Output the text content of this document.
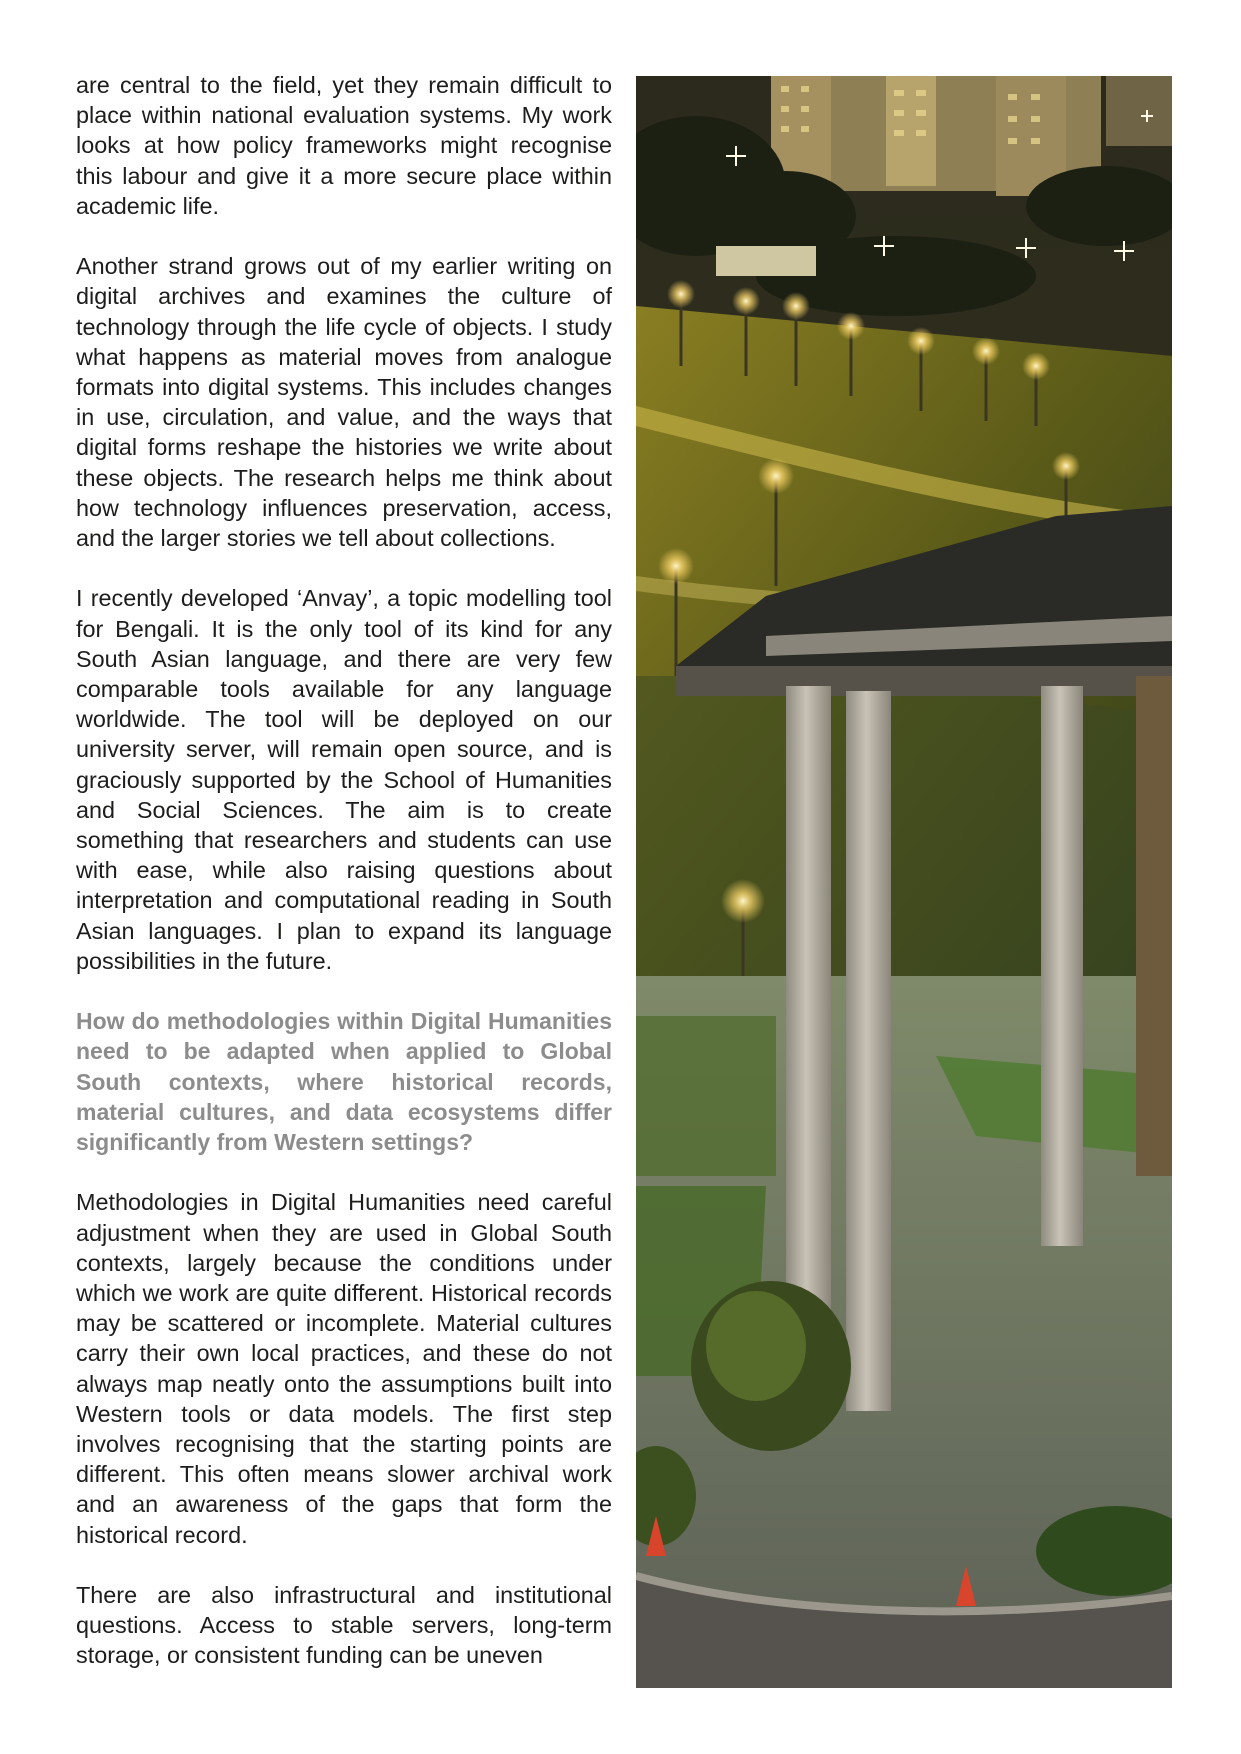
are central to the field, yet they remain difficult to place within national evaluation systems. My work looks at how policy frameworks might recognise this labour and give it a more secure place within academic life.

Another strand grows out of my earlier writing on digital archives and examines the culture of technology through the life cycle of objects. I study what happens as material moves from analogue formats into digital systems. This includes changes in use, circulation, and value, and the ways that digital forms reshape the histories we write about these objects. The research helps me think about how technology influences preservation, access, and the larger stories we tell about collections.

I recently developed ‘Anvay’, a topic modelling tool for Bengali. It is the only tool of its kind for any South Asian language, and there are very few comparable tools available for any language worldwide. The tool will be deployed on our university server, will remain open source, and is graciously supported by the School of Humanities and Social Sciences. The aim is to create something that researchers and students can use with ease, while also raising questions about interpretation and computational reading in South Asian languages. I plan to expand its language possibilities in the future.

How do methodologies within Digital Humanities need to be adapted when applied to Global South contexts, where historical records, material cultures, and data ecosystems differ significantly from Western settings?

Methodologies in Digital Humanities need careful adjustment when they are used in Global South contexts, largely because the conditions under which we work are quite different. Historical records may be scattered or incomplete. Material cultures carry their own local practices, and these do not always map neatly onto the assumptions built into Western tools or data models. The first step involves recognising that the starting points are different. This often means slower archival work and an awareness of the gaps that form the historical record.

There are also infrastructural and institutional questions. Access to stable servers, long-term storage, or consistent funding can be uneven
